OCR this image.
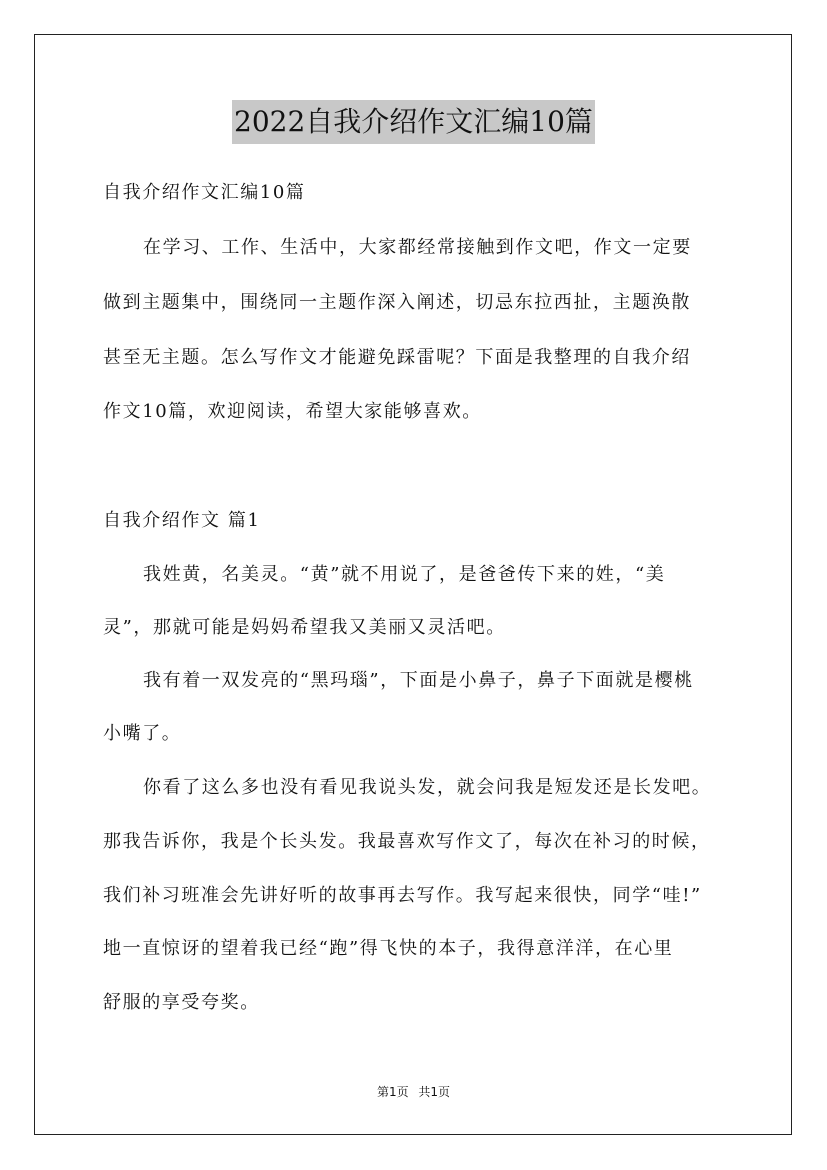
2022自我介绍作文汇编10篇
自我介绍作文汇编10篇
在学习、工作、生活中，大家都经常接触到作文吧，作文一定要
做到主题集中，围绕同一主题作深入阐述，切忌东拉西扯，主题涣散
甚至无主题。怎么写作文才能避免踩雷呢？下面是我整理的自我介绍
作文10篇，欢迎阅读，希望大家能够喜欢。
自我介绍作文 篇1
我姓黄，名美灵。“黄”就不用说了，是爸爸传下来的姓，“美
灵”，那就可能是妈妈希望我又美丽又灵活吧。
我有着一双发亮的“黑玛瑙”，下面是小鼻子，鼻子下面就是樱桃
小嘴了。
你看了这么多也没有看见我说头发，就会问我是短发还是长发吧。
那我告诉你，我是个长头发。我最喜欢写作文了，每次在补习的时候，
我们补习班准会先讲好听的故事再去写作。我写起来很快，同学“哇!”
地一直惊讶的望着我已经“跑”得飞快的本子，我得意洋洋，在心里
舒服的享受夸奖。
第1页 共1页
